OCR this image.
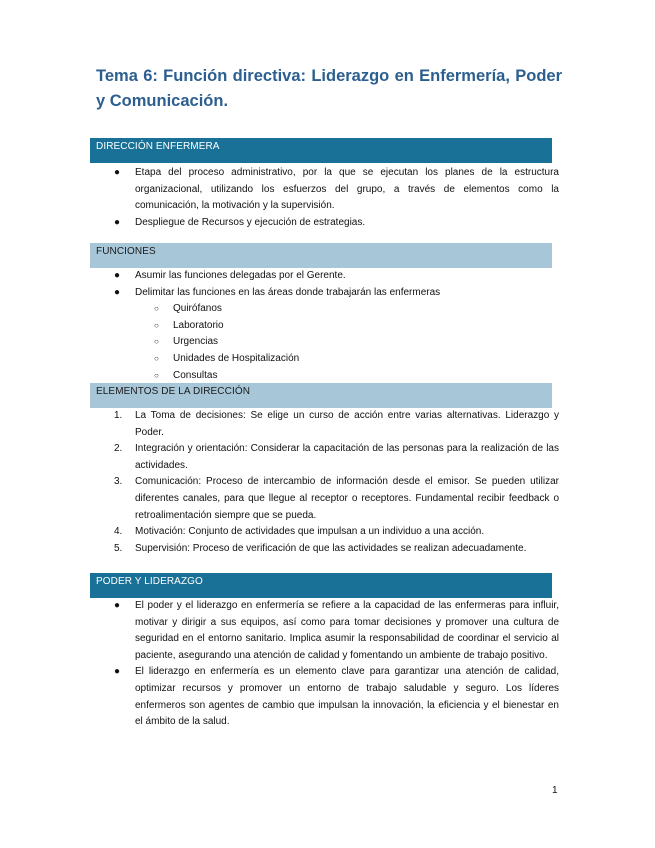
Tema 6: Función directiva: Liderazgo en Enfermería, Poder y Comunicación.
DIRECCIÓN ENFERMERA
●	Etapa del proceso administrativo, por la que se ejecutan los planes de la estructura organizacional, utilizando los esfuerzos del grupo, a través de elementos como la comunicación, la motivación y la supervisión.
●	Despliegue de Recursos y ejecución de estrategias.
FUNCIONES
●	Asumir las funciones delegadas por el Gerente.
●	Delimitar las funciones en las áreas donde trabajarán las enfermeras
○	Quirófanos
○	Laboratorio
○	Urgencias
○	Unidades de Hospitalización
○	Consultas
ELEMENTOS DE LA DIRECCIÓN
1.	La Toma de decisiones: Se elige un curso de acción entre varias alternativas. Liderazgo y Poder.
2.	Integración y orientación: Considerar la capacitación de las personas para la realización de las actividades.
3.	Comunicación: Proceso de intercambio de información desde el emisor. Se pueden utilizar diferentes canales, para que llegue al receptor o receptores. Fundamental recibir feedback o retroalimentación siempre que se pueda.
4.	Motivación: Conjunto de actividades que impulsan a un individuo a una acción.
5.	Supervisión: Proceso de verificación de que las actividades se realizan adecuadamente.
PODER Y LIDERAZGO
●	El poder y el liderazgo en enfermería se refiere a la capacidad de las enfermeras para influir, motivar y dirigir a sus equipos, así como para tomar decisiones y promover una cultura de seguridad en el entorno sanitario. Implica asumir la responsabilidad de coordinar el servicio al paciente, asegurando una atención de calidad y fomentando un ambiente de trabajo positivo.
●	El liderazgo en enfermería es un elemento clave para garantizar una atención de calidad, optimizar recursos y promover un entorno de trabajo saludable y seguro. Los líderes enfermeros son agentes de cambio que impulsan la innovación, la eficiencia y el bienestar en el ámbito de la salud.
1
